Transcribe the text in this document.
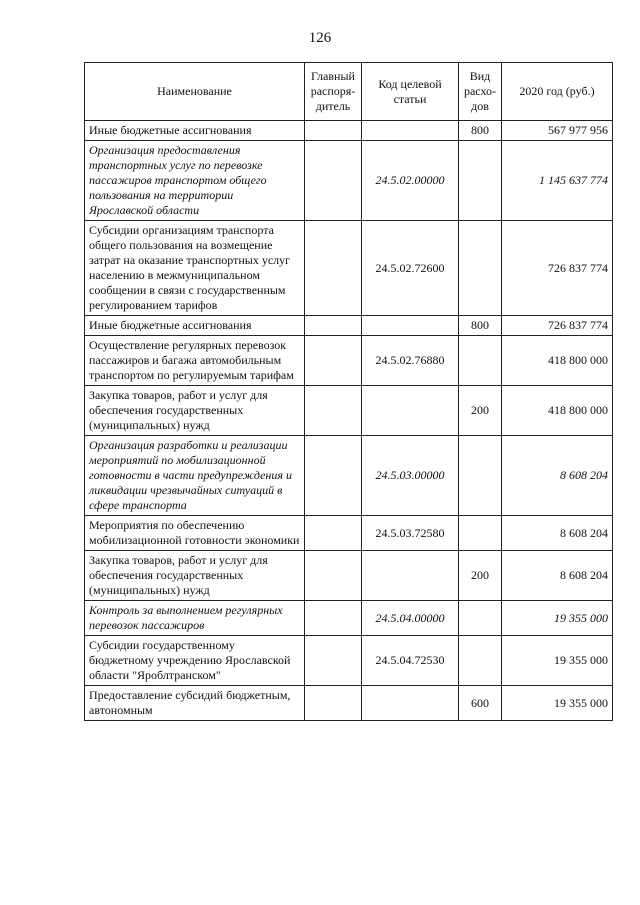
126
Наименование	Главный распоря-дитель	Код целевой статьи	Вид расхо-дов	2020 год (руб.)
Иные бюджетные ассигнования			800	567 977 956
Организация предоставления транспортных услуг по перевозке пассажиров транспортом общего пользования на территории Ярославской области		24.5.02.00000		1 145 637 774
Субсидии организациям транспорта общего пользования на возмещение затрат на оказание транспортных услуг населению в межмуниципальном сообщении в связи с государственным регулированием тарифов		24.5.02.72600		726 837 774
Иные бюджетные ассигнования			800	726 837 774
Осуществление регулярных перевозок пассажиров и багажа автомобильным транспортом по регулируемым тарифам		24.5.02.76880		418 800 000
Закупка товаров, работ и услуг для обеспечения государственных (муниципальных) нужд			200	418 800 000
Организация разработки и реализации мероприятий по мобилизационной готовности в части предупреждения и ликвидации чрезвычайных ситуаций в сфере транспорта		24.5.03.00000		8 608 204
Мероприятия по обеспечению мобилизационной готовности экономики		24.5.03.72580		8 608 204
Закупка товаров, работ и услуг для обеспечения государственных (муниципальных) нужд			200	8 608 204
Контроль за выполнением регулярных перевозок пассажиров		24.5.04.00000		19 355 000
Субсидии государственному бюджетному учреждению Ярославской области "Яроблтранском"		24.5.04.72530		19 355 000
Предоставление субсидий бюджетным, автономным			600	19 355 000
